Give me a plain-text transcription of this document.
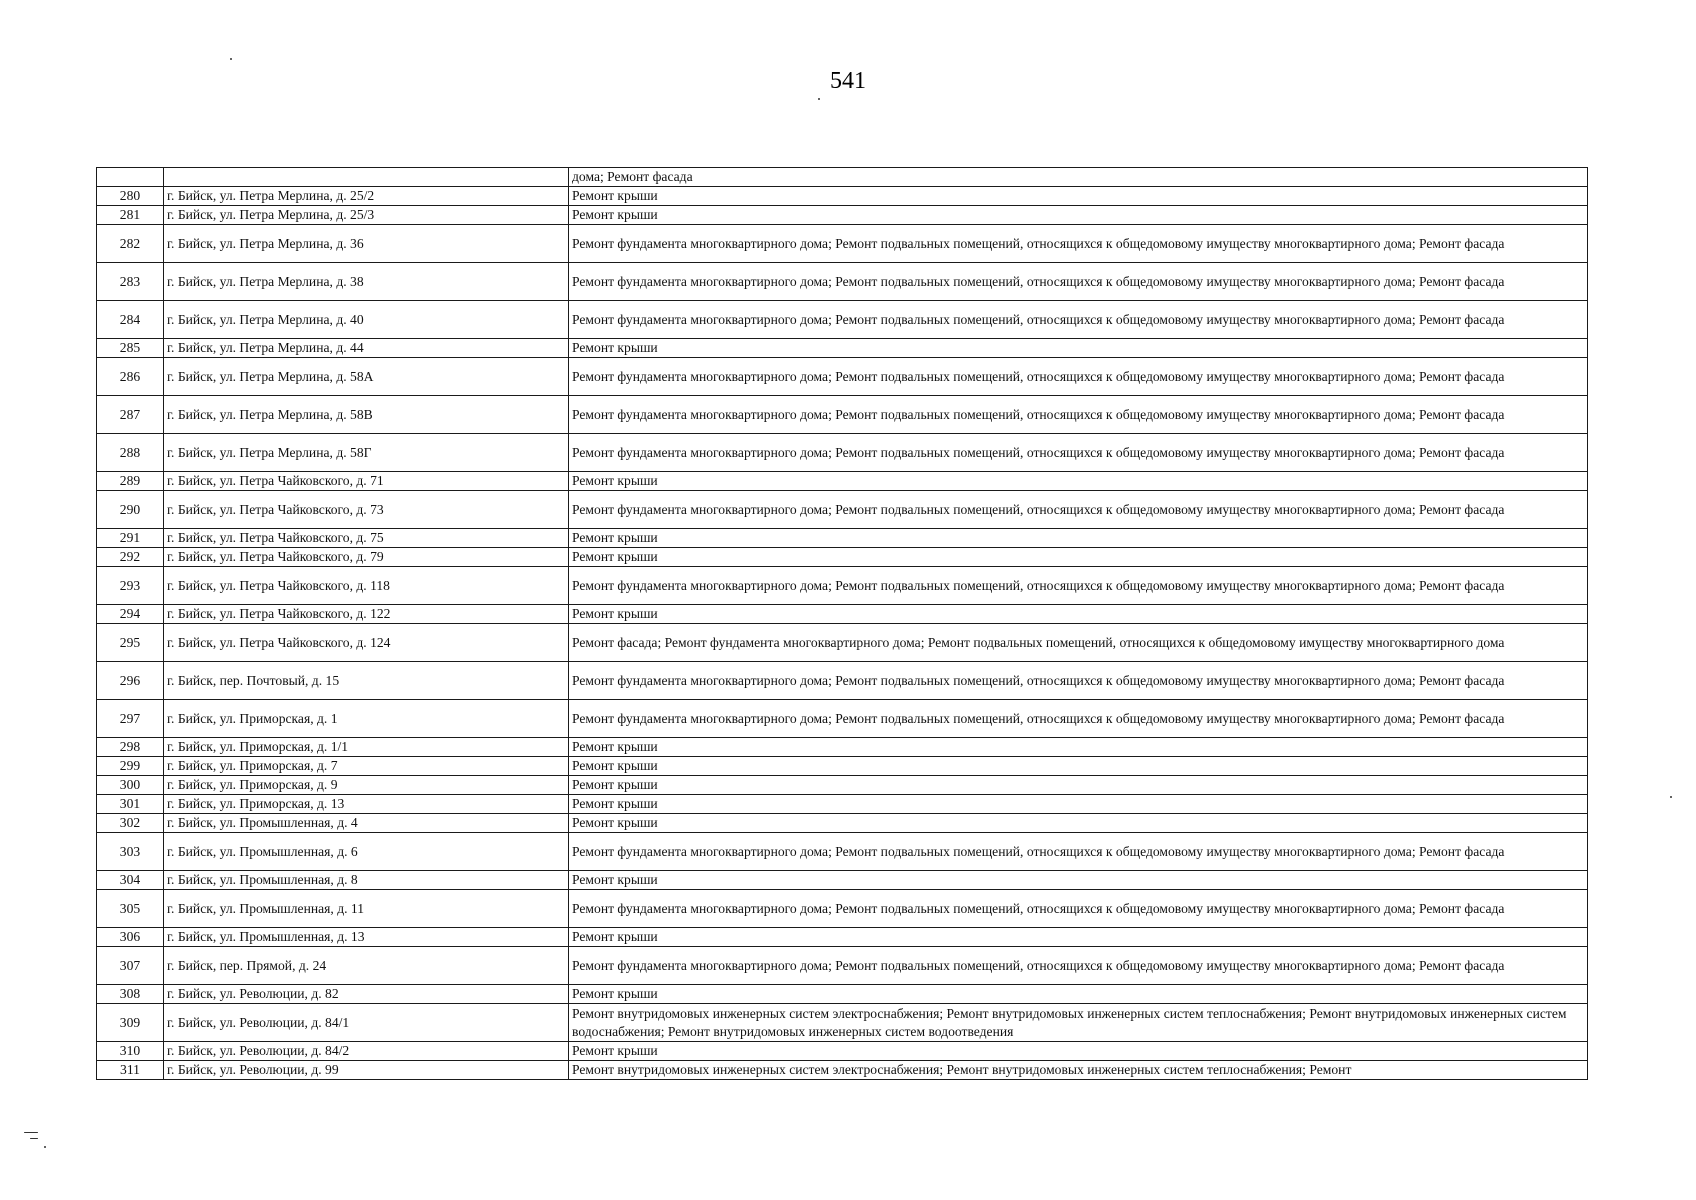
541
		дома; Ремонт фасада
280	г. Бийск, ул. Петра Мерлина, д. 25/2	Ремонт крыши
281	г. Бийск, ул. Петра Мерлина, д. 25/3	Ремонт крыши
282	г. Бийск, ул. Петра Мерлина, д. 36	Ремонт фундамента многоквартирного дома; Ремонт подвальных помещений, относящихся к общедомовому имуществу многоквартирного дома; Ремонт фасада
283	г. Бийск, ул. Петра Мерлина, д. 38	Ремонт фундамента многоквартирного дома; Ремонт подвальных помещений, относящихся к общедомовому имуществу многоквартирного дома; Ремонт фасада
284	г. Бийск, ул. Петра Мерлина, д. 40	Ремонт фундамента многоквартирного дома; Ремонт подвальных помещений, относящихся к общедомовому имуществу многоквартирного дома; Ремонт фасада
285	г. Бийск, ул. Петра Мерлина, д. 44	Ремонт крыши
286	г. Бийск, ул. Петра Мерлина, д. 58А	Ремонт фундамента многоквартирного дома; Ремонт подвальных помещений, относящихся к общедомовому имуществу многоквартирного дома; Ремонт фасада
287	г. Бийск, ул. Петра Мерлина, д. 58В	Ремонт фундамента многоквартирного дома; Ремонт подвальных помещений, относящихся к общедомовому имуществу многоквартирного дома; Ремонт фасада
288	г. Бийск, ул. Петра Мерлина, д. 58Г	Ремонт фундамента многоквартирного дома; Ремонт подвальных помещений, относящихся к общедомовому имуществу многоквартирного дома; Ремонт фасада
289	г. Бийск, ул. Петра Чайковского, д. 71	Ремонт крыши
290	г. Бийск, ул. Петра Чайковского, д. 73	Ремонт фундамента многоквартирного дома; Ремонт подвальных помещений, относящихся к общедомовому имуществу многоквартирного дома; Ремонт фасада
291	г. Бийск, ул. Петра Чайковского, д. 75	Ремонт крыши
292	г. Бийск, ул. Петра Чайковского, д. 79	Ремонт крыши
293	г. Бийск, ул. Петра Чайковского, д. 118	Ремонт фундамента многоквартирного дома; Ремонт подвальных помещений, относящихся к общедомовому имуществу многоквартирного дома; Ремонт фасада
294	г. Бийск, ул. Петра Чайковского, д. 122	Ремонт крыши
295	г. Бийск, ул. Петра Чайковского, д. 124	Ремонт фасада; Ремонт фундамента многоквартирного дома; Ремонт подвальных помещений, относящихся к общедомовому имуществу многоквартирного дома
296	г. Бийск, пер. Почтовый, д. 15	Ремонт фундамента многоквартирного дома; Ремонт подвальных помещений, относящихся к общедомовому имуществу многоквартирного дома; Ремонт фасада
297	г. Бийск, ул. Приморская, д. 1	Ремонт фундамента многоквартирного дома; Ремонт подвальных помещений, относящихся к общедомовому имуществу многоквартирного дома; Ремонт фасада
298	г. Бийск, ул. Приморская, д. 1/1	Ремонт крыши
299	г. Бийск, ул. Приморская, д. 7	Ремонт крыши
300	г. Бийск, ул. Приморская, д. 9	Ремонт крыши
301	г. Бийск, ул. Приморская, д. 13	Ремонт крыши
302	г. Бийск, ул. Промышленная, д. 4	Ремонт крыши
303	г. Бийск, ул. Промышленная, д. 6	Ремонт фундамента многоквартирного дома; Ремонт подвальных помещений, относящихся к общедомовому имуществу многоквартирного дома; Ремонт фасада
304	г. Бийск, ул. Промышленная, д. 8	Ремонт крыши
305	г. Бийск, ул. Промышленная, д. 11	Ремонт фундамента многоквартирного дома; Ремонт подвальных помещений, относящихся к общедомовому имуществу многоквартирного дома; Ремонт фасада
306	г. Бийск, ул. Промышленная, д. 13	Ремонт крыши
307	г. Бийск, пер. Прямой, д. 24	Ремонт фундамента многоквартирного дома; Ремонт подвальных помещений, относящихся к общедомовому имуществу многоквартирного дома; Ремонт фасада
308	г. Бийск, ул. Революции, д. 82	Ремонт крыши
309	г. Бийск, ул. Революции, д. 84/1	Ремонт внутридомовых инженерных систем электроснабжения; Ремонт внутридомовых инженерных систем теплоснабжения; Ремонт внутридомовых инженерных систем водоснабжения; Ремонт внутридомовых инженерных систем водоотведения
310	г. Бийск, ул. Революции, д. 84/2	Ремонт крыши
311	г. Бийск, ул. Революции, д. 99	Ремонт внутридомовых инженерных систем электроснабжения; Ремонт внутридомовых инженерных систем теплоснабжения; Ремонт
